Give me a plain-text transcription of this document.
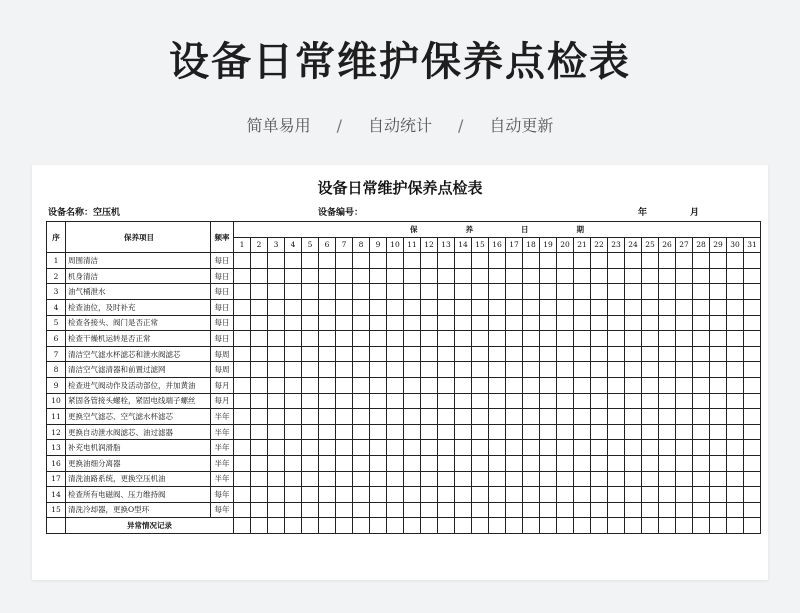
设备日常维护保养点检表
简单易用 / 自动统计 / 自动更新
设备日常维护保养点检表
设备名称：空压机	设备编号：	年	月
序	保养项目	频率	保 养 日 期																														
			1	2	3	4	5	6	7	8	9	10	11	12	13	14	15	16	17	18	19	20	21	22	23	24	25	26	27	28	29	30	31
1	周围清洁	每日																															
2	机身清洁	每日																															
3	油气桶泄水	每日																															
4	检查油位，及时补充	每日																															
5	检查各接头、阀门是否正常	每日																															
6	检查干燥机运转是否正常	每日																															
7	清洁空气滤水杯滤芯和泄水阀滤芯	每周																															
8	清洁空气滤清器和前置过滤网	每周																															
9	检查进气阀动作及活动部位，并加黄油	每月																															
10	紧固各管接头螺栓，紧固电线端子螺丝	每月																															
11	更换空气滤芯、空气滤水杯滤芯	半年																															
12	更换自动泄水阀滤芯、油过滤器	半年																															
13	补充电机润滑脂	半年																															
16	更换油细分离器	半年																															
17	清洗油路系统，更换空压机油	半年																															
14	检查所有电磁阀、压力维持阀	每年																															
15	清洗冷却器，更换O型环	每年																															
	异常情况记录																																
